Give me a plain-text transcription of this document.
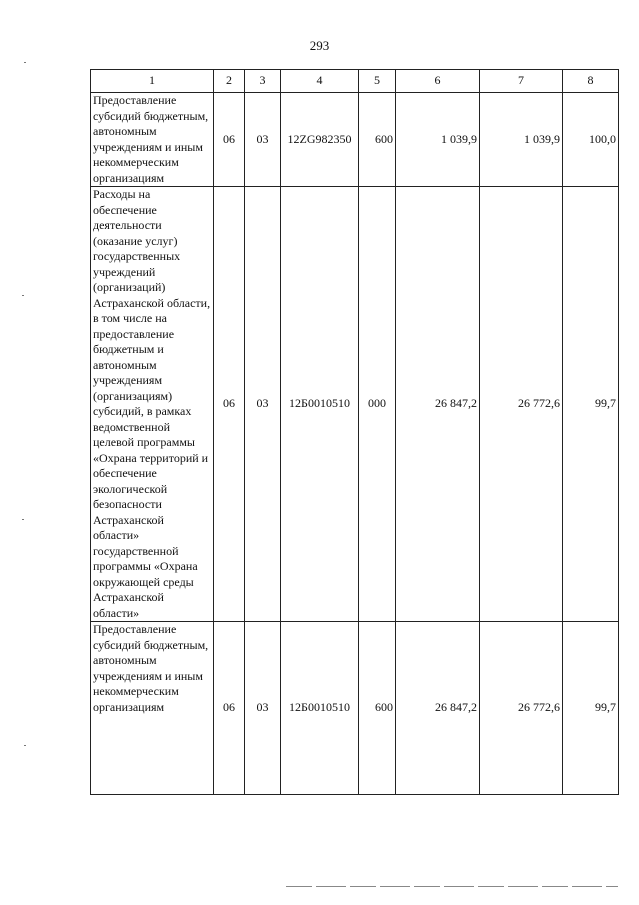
293
1	2	3	4	5	6	7	8
Предоставление субсидий бюджетным, автономным учреждениям и иным некоммерческим организациям	06	03	12ZG982350	600	1 039,9	1 039,9	100,0
Расходы на обеспечение деятельности (оказание услуг) государственных учреждений (организаций) Астраханской области, в том числе на предоставление бюджетным и автономным учреждениям (организациям) субсидий, в рамках ведомственной целевой программы «Охрана территорий и обеспечение экологической безопасности Астраханской области» государственной программы «Охрана окружающей среды Астраханской области»	06	03	12Б0010510	000	26 847,2	26 772,6	99,7
Предоставление субсидий бюджетным, автономным учреждениям и иным некоммерческим организациям	06	03	12Б0010510	600	26 847,2	26 772,6	99,7
